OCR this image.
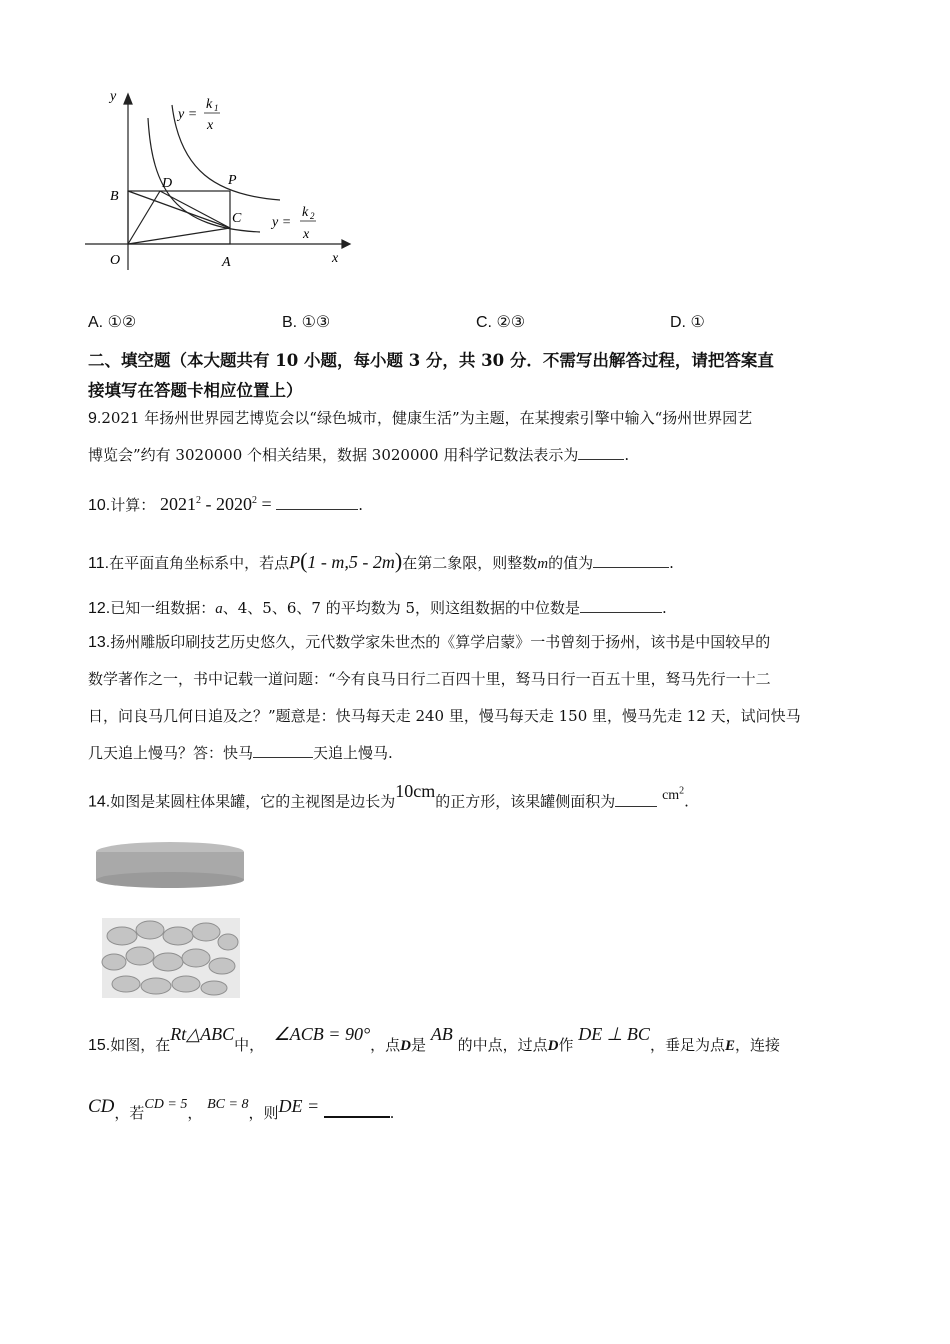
y
x
O	A
B
C
D	P
y =
k 1
x
y =
k 2
x
A. ①②	B. ①③	C. ②③	D. ①
二、填空题（本大题共有 10 小题，每小题 3 分，共 30 分．不需写出解答过程，请把答案直
接填写在答题卡相应位置上）
9.2021 年扬州世界园艺博览会以“绿色城市，健康生活”为主题，在某搜索引擎中输入“扬州世界园艺
博览会”约有 3020000 个相关结果，数据 3020000 用科学记数法表示为	.
10.计算： $2021^2 - 2020^2$ =	.
11.在平面直角坐标系中，若点P(1 - m,5 - 2m)在第二象限，则整数m的值为	.
12.已知一组数据：a、4、5、6、7 的平均数为 5，则这组数据的中位数是	.
13.扬州雕版印刷技艺历史悠久，元代数学家朱世杰的《算学启蒙》一书曾刻于扬州，该书是中国较早的
数学著作之一，书中记载一道问题：“今有良马日行二百四十里，驽马日行一百五十里，驽马先行一十二
日，问良马几何日追及之？”题意是：快马每天走 240 里，慢马每天走 150 里，慢马先走 12 天，试问快马
几天追上慢马？答：快马	天追上慢马.
14.如图是某圆柱体果罐，它的主视图是边长为10cm的正方形，该果罐侧面积为	$cm^2$.
15.如图，在Rt△ABC中，  ∠ACB = 90°，点D是 AB 的中点，过点D作 DE ⊥ BC，垂足为点E，连接
CD，若CD = 5， BC = 8，则DE =	.
